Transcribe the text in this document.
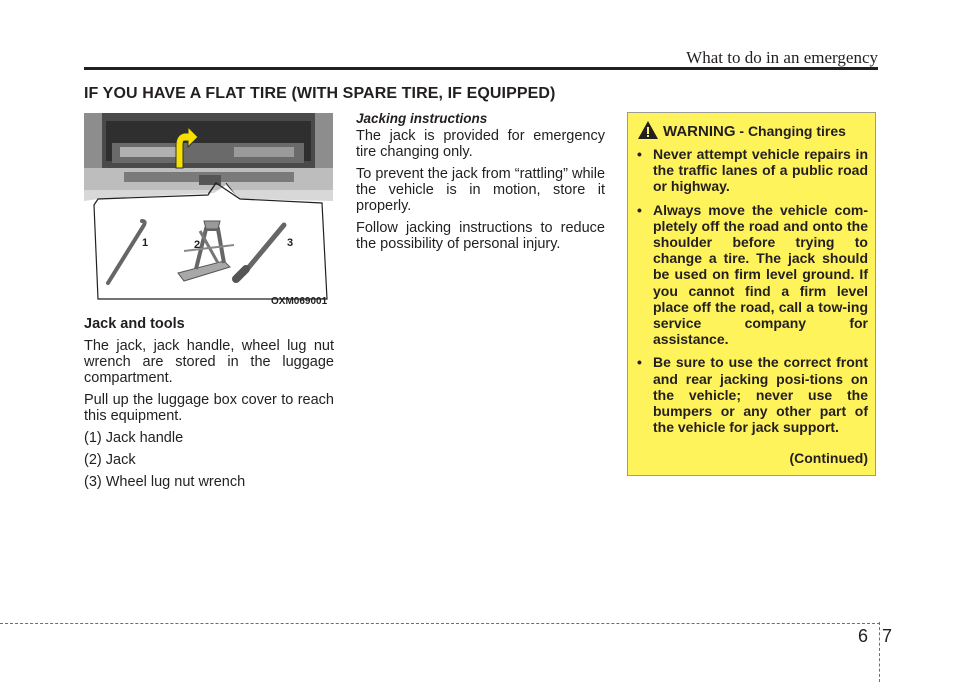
What to do in an emergency
IF YOU HAVE A FLAT TIRE (WITH SPARE TIRE, IF EQUIPPED)
1	2	3
OXM069001

Jack and tools

The jack, jack handle, wheel lug nut wrench are stored in the luggage compartment.

Pull up the luggage box cover to reach this equipment.

(1) Jack handle

(2) Jack

(3) Wheel lug nut wrench

Jacking instructions

The jack is provided for emergency tire changing only.

To prevent the jack from “rattling” while the vehicle is in motion, store it properly.

Follow jacking instructions to reduce the possibility of personal injury.

WARNING - Changing tires
• Never attempt vehicle repairs in the traffic lanes of a public road or highway.
• Always move the vehicle com-pletely off the road and onto the shoulder before trying to change a tire. The jack should be used on firm level ground. If you cannot find a firm level place off the road, call a tow-ing service company for assistance.
• Be sure to use the correct front and rear jacking posi-tions on the vehicle; never use the bumpers or any other part of the vehicle for jack support.
(Continued)
6 7
